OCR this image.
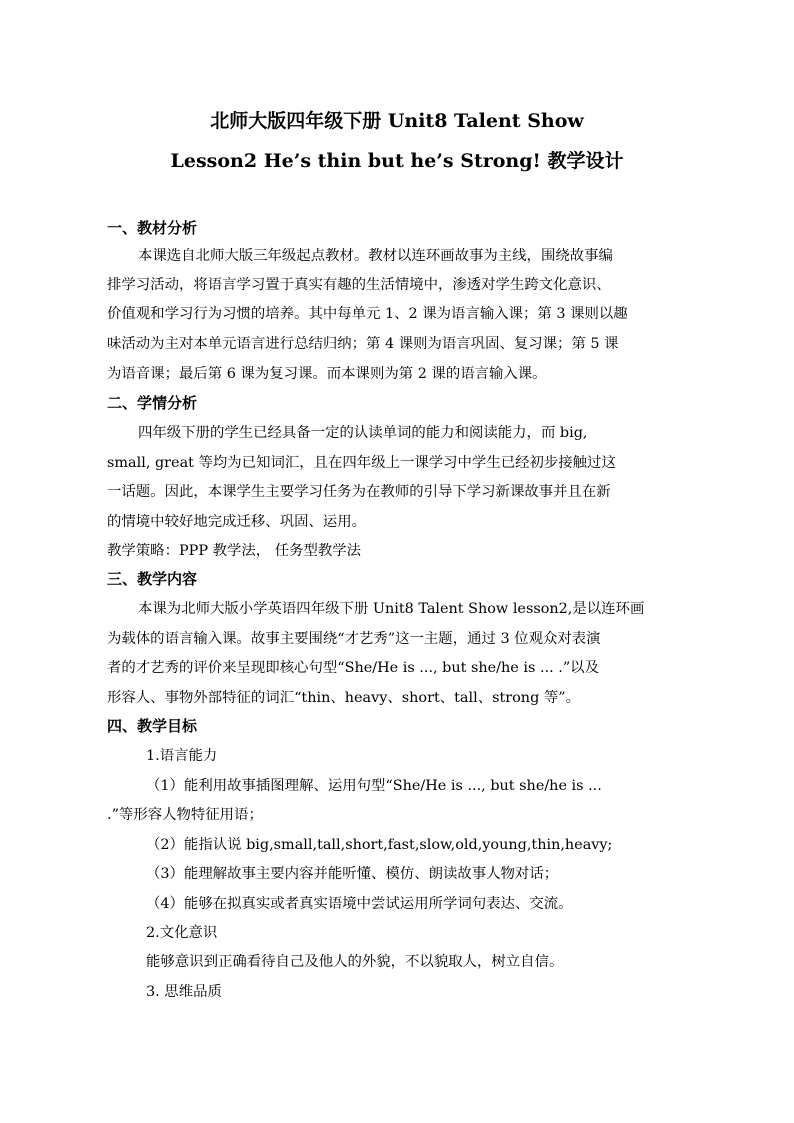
北师大版四年级下册 Unit8 Talent Show
Lesson2 He’s thin but he’s Strong! 教学设计
一、教材分析
本课选自北师大版三年级起点教材。教材以连环画故事为主线，围绕故事编
排学习活动，将语言学习置于真实有趣的生活情境中，渗透对学生跨文化意识、
价值观和学习行为习惯的培养。其中每单元 1、2 课为语言输入课；第 3 课则以趣
味活动为主对本单元语言进行总结归纳；第 4 课则为语言巩固、复习课；第 5 课
为语音课；最后第 6 课为复习课。而本课则为第 2 课的语言输入课。
二、学情分析
四年级下册的学生已经具备一定的认读单词的能力和阅读能力，而 big,
small, great 等均为已知词汇，且在四年级上一课学习中学生已经初步接触过这
一话题。因此，本课学生主要学习任务为在教师的引导下学习新课故事并且在新
的情境中较好地完成迁移、巩固、运用。
教学策略：PPP 教学法， 任务型教学法
三、教学内容
本课为北师大版小学英语四年级下册 Unit8 Talent Show lesson2,是以连环画
为载体的语言输入课。故事主要围绕“才艺秀”这一主题，通过 3 位观众对表演
者的才艺秀的评价来呈现即核心句型“She/He is ..., but she/he is ... .”以及
形容人、事物外部特征的词汇“thin、heavy、short、tall、strong 等”。
四、教学目标
1.语言能力
（1）能利用故事插图理解、运用句型“She/He is ..., but she/he is ...
.”等形容人物特征用语；
（2）能指认说 big,small,tall,short,fast,slow,old,young,thin,heavy;
（3）能理解故事主要内容并能听懂、模仿、朗读故事人物对话；
（4）能够在拟真实或者真实语境中尝试运用所学词句表达、交流。
2.文化意识
能够意识到正确看待自己及他人的外貌，不以貌取人，树立自信。
3. 思维品质
